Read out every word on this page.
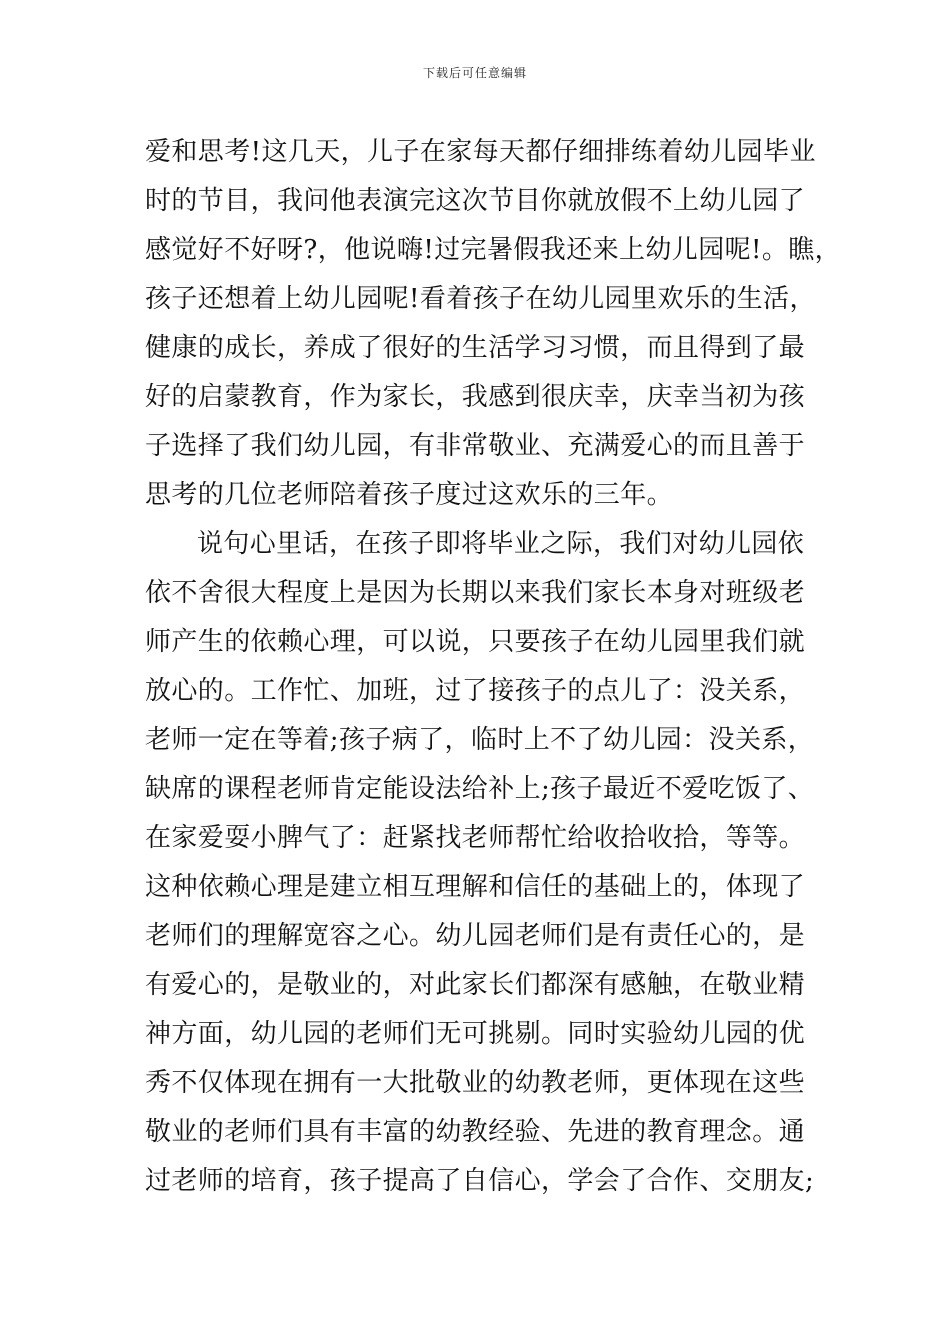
下载后可任意编辑
爱和思考!这几天，儿子在家每天都仔细排练着幼儿园毕业
时的节目，我问他表演完这次节目你就放假不上幼儿园了
感觉好不好呀?，他说嗨!过完暑假我还来上幼儿园呢!。瞧，
孩子还想着上幼儿园呢!看着孩子在幼儿园里欢乐的生活，
健康的成长，养成了很好的生活学习习惯，而且得到了最
好的启蒙教育，作为家长，我感到很庆幸，庆幸当初为孩
子选择了我们幼儿园，有非常敬业、充满爱心的而且善于
思考的几位老师陪着孩子度过这欢乐的三年。
说句心里话，在孩子即将毕业之际，我们对幼儿园依
依不舍很大程度上是因为长期以来我们家长本身对班级老
师产生的依赖心理，可以说，只要孩子在幼儿园里我们就
放心的。工作忙、加班，过了接孩子的点儿了：没关系，
老师一定在等着;孩子病了，临时上不了幼儿园：没关系，
缺席的课程老师肯定能设法给补上;孩子最近不爱吃饭了、
在家爱耍小脾气了：赶紧找老师帮忙给收拾收拾，等等。
这种依赖心理是建立相互理解和信任的基础上的，体现了
老师们的理解宽容之心。幼儿园老师们是有责任心的，是
有爱心的，是敬业的，对此家长们都深有感触，在敬业精
神方面，幼儿园的老师们无可挑剔。同时实验幼儿园的优
秀不仅体现在拥有一大批敬业的幼教老师，更体现在这些
敬业的老师们具有丰富的幼教经验、先进的教育理念。通
过老师的培育，孩子提高了自信心，学会了合作、交朋友;
